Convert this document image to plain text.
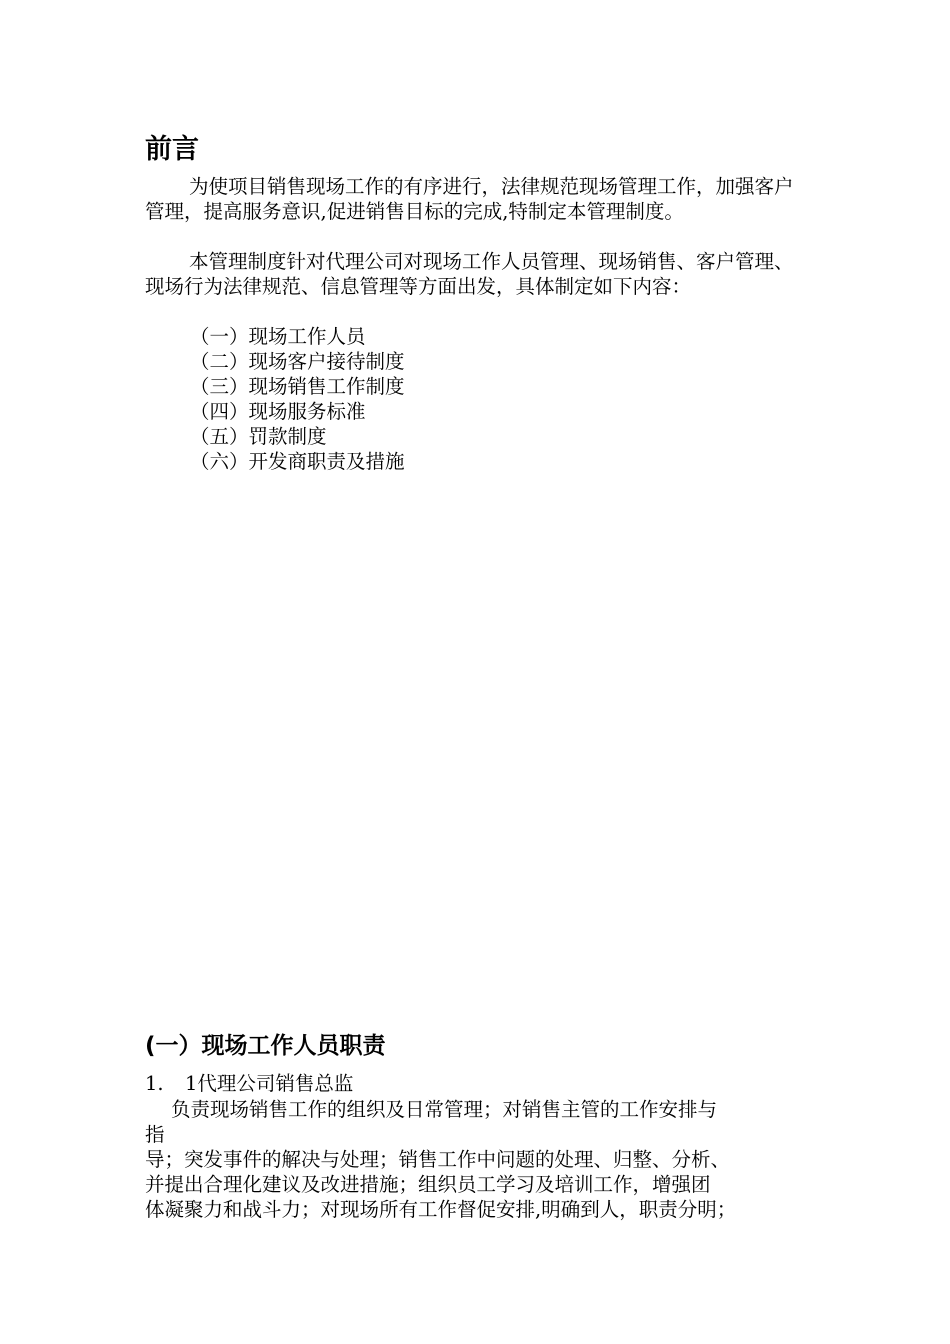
前言

为使项目销售现场工作的有序进行，法律规范现场管理工作，加强客户管理，提高服务意识,促进销售目标的完成,特制定本管理制度。

本管理制度针对代理公司对现场工作人员管理、现场销售、客户管理、现场行为法律规范、信息管理等方面出发，具体制定如下内容：

（一）现场工作人员
（二）现场客户接待制度
（三）现场销售工作制度
（四）现场服务标准
（五）罚款制度
（六）开发商职责及措施
(一）现场工作人员职责

1. 1代理公司销售总监

负责现场销售工作的组织及日常管理；对销售主管的工作安排与
指
导；突发事件的解决与处理；销售工作中问题的处理、归整、分析、
并提出合理化建议及改进措施；组织员工学习及培训工作，增强团
体凝聚力和战斗力；对现场所有工作督促安排,明确到人，职责分明；
